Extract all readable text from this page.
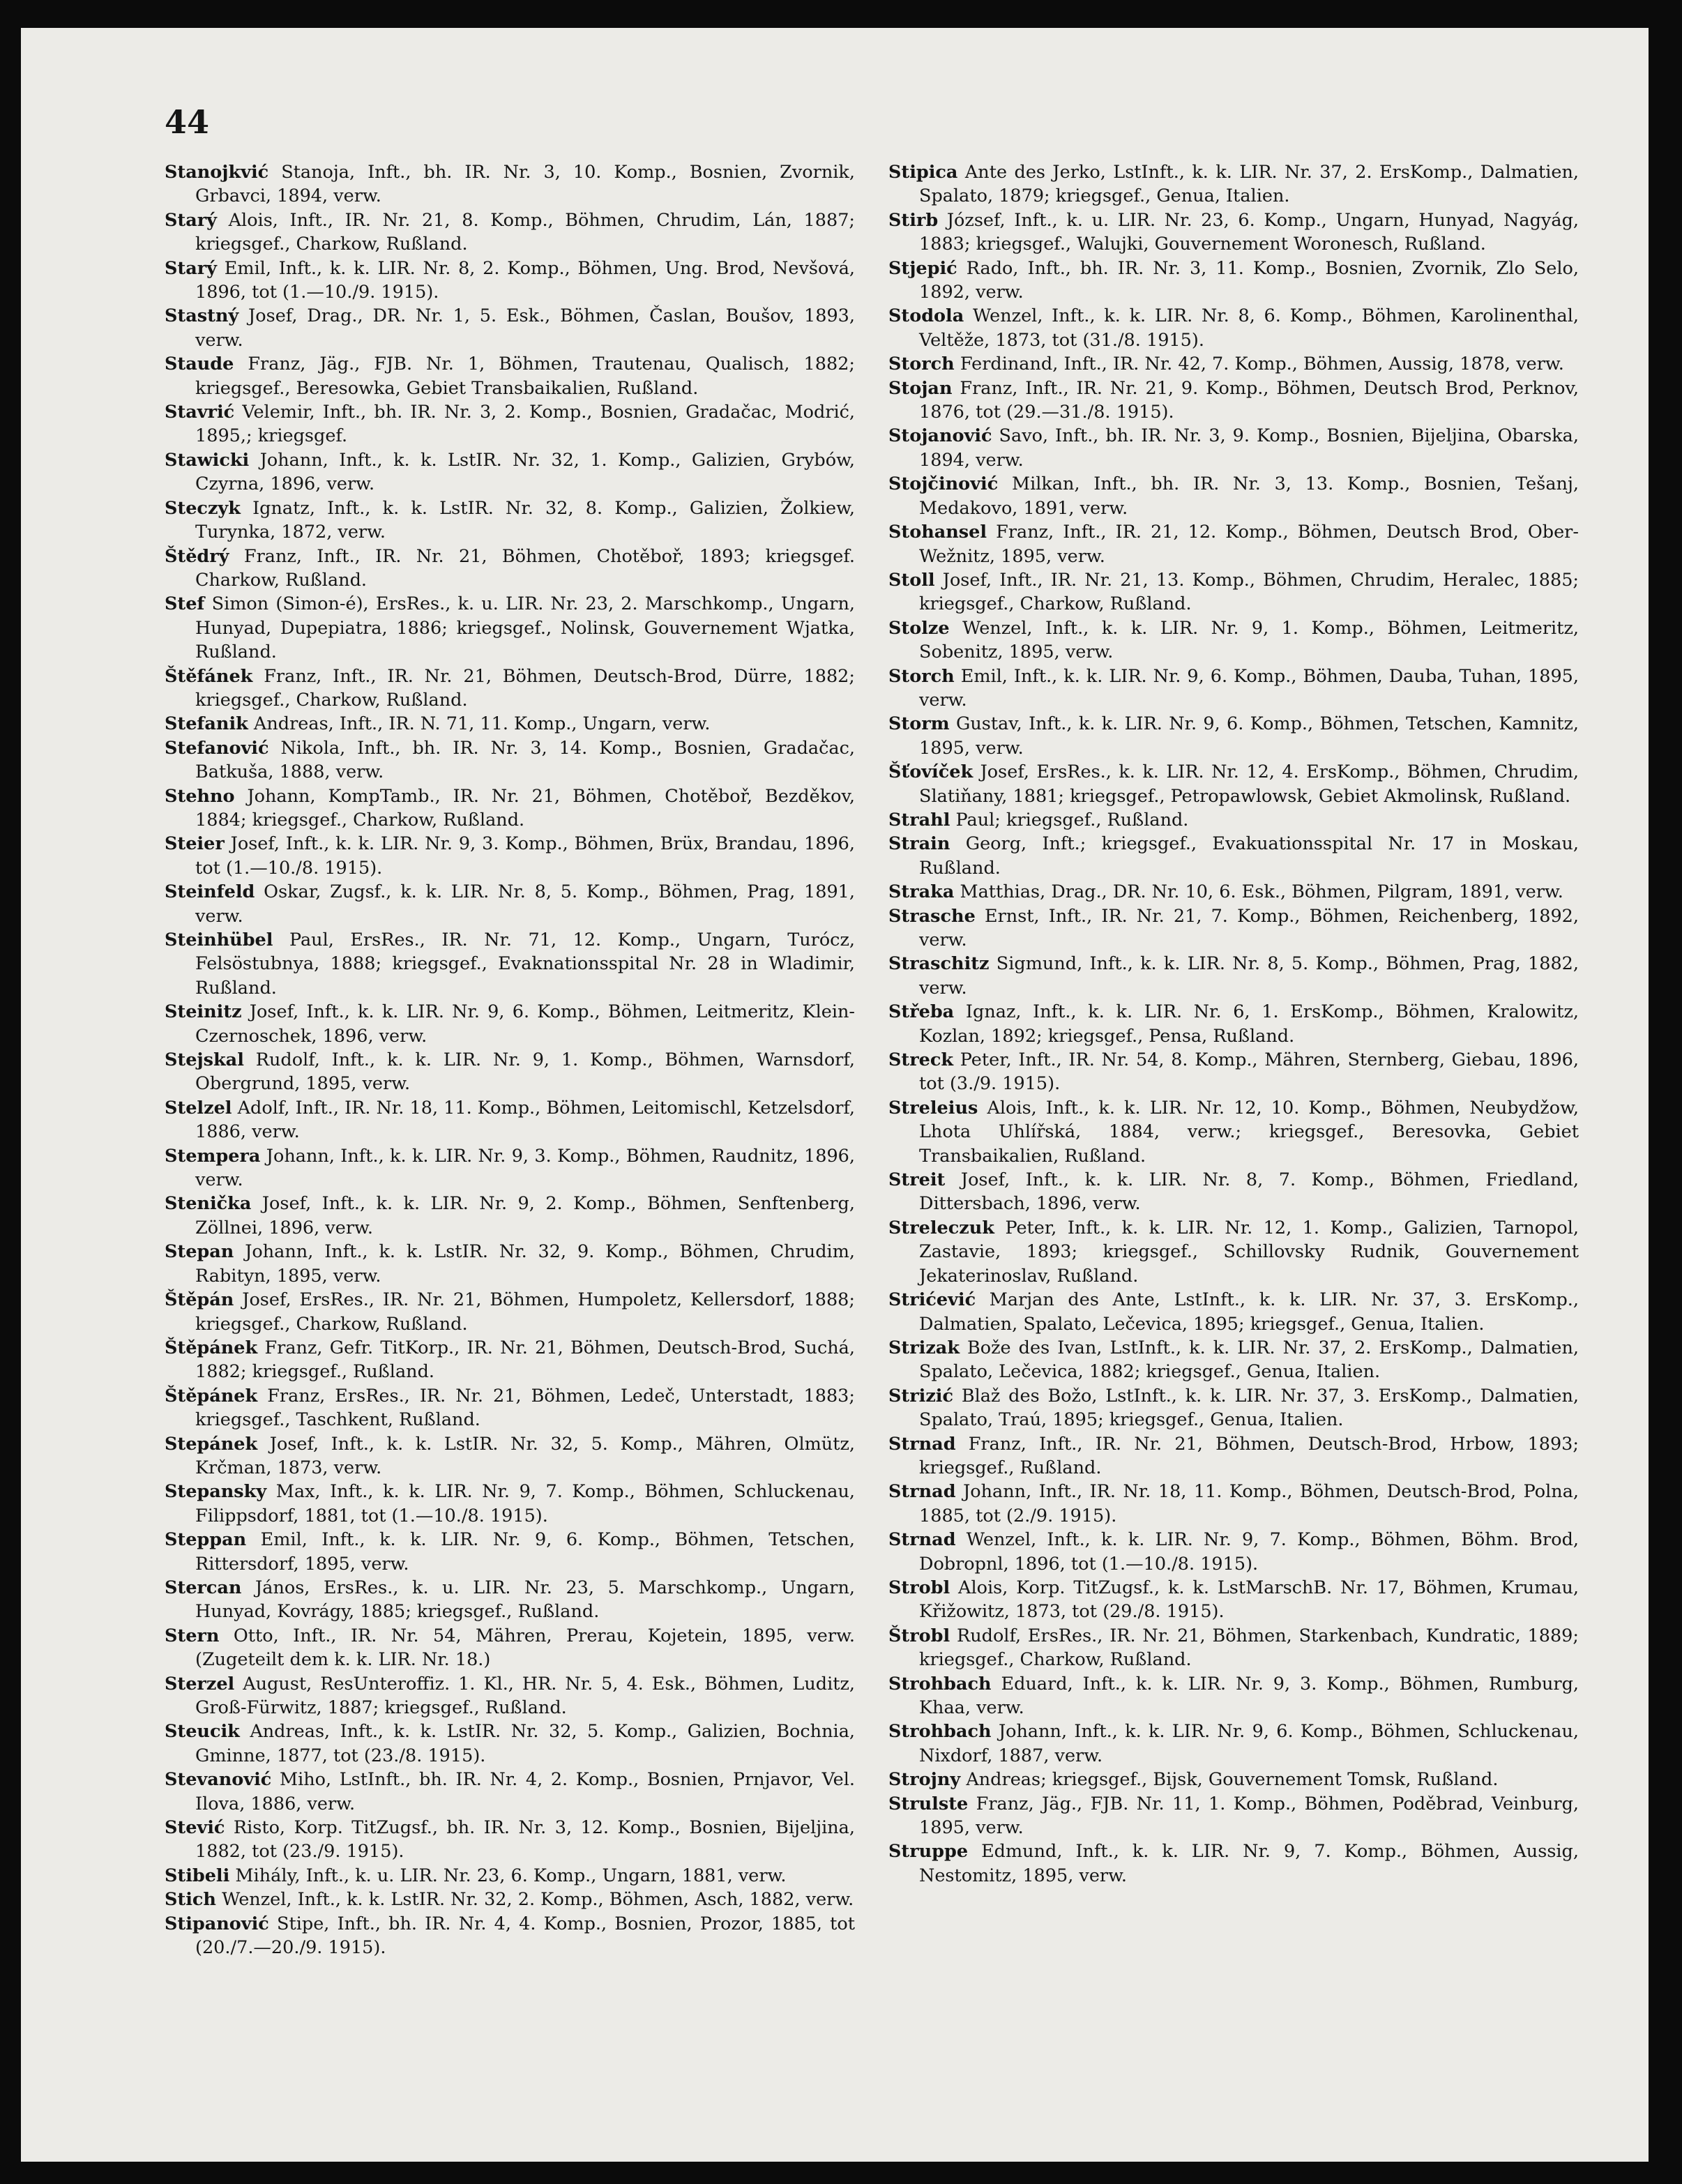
44

Stanojkvić Stanoja, Inft., bh. IR. Nr. 3, 10. Komp., Bosnien, Zvornik, Grbavci, 1894, verw.

Starý Alois, Inft., IR. Nr. 21, 8. Komp., Böhmen, Chrudim, Lán, 1887; kriegsgef., Charkow, Rußland.

Starý Emil, Inft., k. k. LIR. Nr. 8, 2. Komp., Böhmen, Ung. Brod, Nevšová, 1896, tot (1.—10./9. 1915).

Stastný Josef, Drag., DR. Nr. 1, 5. Esk., Böhmen, Časlan, Boušov, 1893, verw.

Staude Franz, Jäg., FJB. Nr. 1, Böhmen, Trautenau, Qualisch, 1882; kriegsgef., Beresowka, Gebiet Transbaikalien, Rußland.

Stavrić Velemir, Inft., bh. IR. Nr. 3, 2. Komp., Bosnien, Gradačac, Modrić, 1895,; kriegsgef.

Stawicki Johann, Inft., k. k. LstIR. Nr. 32, 1. Komp., Galizien, Grybów, Czyrna, 1896, verw.

Steczyk Ignatz, Inft., k. k. LstIR. Nr. 32, 8. Komp., Galizien, Žolkiew, Turynka, 1872, verw.

Štědrý Franz, Inft., IR. Nr. 21, Böhmen, Chotěboř, 1893; kriegsgef. Charkow, Rußland.

Stef Simon (Simon-é), ErsRes., k. u. LIR. Nr. 23, 2. Marschkomp., Ungarn, Hunyad, Dupepiatra, 1886; kriegsgef., Nolinsk, Gouvernement Wjatka, Rußland.

Štěfánek Franz, Inft., IR. Nr. 21, Böhmen, Deutsch-Brod, Dürre, 1882; kriegsgef., Charkow, Rußland.

Stefanik Andreas, Inft., IR. N. 71, 11. Komp., Ungarn, verw.

Stefanović Nikola, Inft., bh. IR. Nr. 3, 14. Komp., Bosnien, Gradačac, Batkuša, 1888, verw.

Stehno Johann, KompTamb., IR. Nr. 21, Böhmen, Chotěboř, Bezděkov, 1884; kriegsgef., Charkow, Rußland.

Steier Josef, Inft., k. k. LIR. Nr. 9, 3. Komp., Böhmen, Brüx, Brandau, 1896, tot (1.—10./8. 1915).

Steinfeld Oskar, Zugsf., k. k. LIR. Nr. 8, 5. Komp., Böhmen, Prag, 1891, verw.

Steinhübel Paul, ErsRes., IR. Nr. 71, 12. Komp., Ungarn, Turócz, Felsöstubnya, 1888; kriegsgef., Evaknationsspital Nr. 28 in Wladimir, Rußland.

Steinitz Josef, Inft., k. k. LIR. Nr. 9, 6. Komp., Böhmen, Leitmeritz, Klein-Czernoschek, 1896, verw.

Stejskal Rudolf, Inft., k. k. LIR. Nr. 9, 1. Komp., Böhmen, Warnsdorf, Obergrund, 1895, verw.

Stelzel Adolf, Inft., IR. Nr. 18, 11. Komp., Böhmen, Leitomischl, Ketzelsdorf, 1886, verw.

Stempera Johann, Inft., k. k. LIR. Nr. 9, 3. Komp., Böhmen, Raudnitz, 1896, verw.

Stenička Josef, Inft., k. k. LIR. Nr. 9, 2. Komp., Böhmen, Senftenberg, Zöllnei, 1896, verw.

Stepan Johann, Inft., k. k. LstIR. Nr. 32, 9. Komp., Böhmen, Chrudim, Rabityn, 1895, verw.

Štěpán Josef, ErsRes., IR. Nr. 21, Böhmen, Humpoletz, Kellersdorf, 1888; kriegsgef., Charkow, Rußland.

Štěpánek Franz, Gefr. TitKorp., IR. Nr. 21, Böhmen, Deutsch-Brod, Suchá, 1882; kriegsgef., Rußland.

Štěpánek Franz, ErsRes., IR. Nr. 21, Böhmen, Ledeč, Unterstadt, 1883; kriegsgef., Taschkent, Rußland.

Stepánek Josef, Inft., k. k. LstIR. Nr. 32, 5. Komp., Mähren, Olmütz, Krčman, 1873, verw.

Stepansky Max, Inft., k. k. LIR. Nr. 9, 7. Komp., Böhmen, Schluckenau, Filippsdorf, 1881, tot (1.—10./8. 1915).

Steppan Emil, Inft., k. k. LIR. Nr. 9, 6. Komp., Böhmen, Tetschen, Rittersdorf, 1895, verw.

Stercan János, ErsRes., k. u. LIR. Nr. 23, 5. Marschkomp., Ungarn, Hunyad, Kovrágy, 1885; kriegsgef., Rußland.

Stern Otto, Inft., IR. Nr. 54, Mähren, Prerau, Kojetein, 1895, verw. (Zugeteilt dem k. k. LIR. Nr. 18.)

Sterzel August, ResUnteroffiz. 1. Kl., HR. Nr. 5, 4. Esk., Böhmen, Luditz, Groß-Fürwitz, 1887; kriegsgef., Rußland.

Steucik Andreas, Inft., k. k. LstIR. Nr. 32, 5. Komp., Galizien, Bochnia, Gminne, 1877, tot (23./8. 1915).

Stevanović Miho, LstInft., bh. IR. Nr. 4, 2. Komp., Bosnien, Prnjavor, Vel. Ilova, 1886, verw.

Stević Risto, Korp. TitZugsf., bh. IR. Nr. 3, 12. Komp., Bosnien, Bijeljina, 1882, tot (23./9. 1915).

Stibeli Mihály, Inft., k. u. LIR. Nr. 23, 6. Komp., Ungarn, 1881, verw.

Stich Wenzel, Inft., k. k. LstIR. Nr. 32, 2. Komp., Böhmen, Asch, 1882, verw.

Stipanović Stipe, Inft., bh. IR. Nr. 4, 4. Komp., Bosnien, Prozor, 1885, tot (20./7.—20./9. 1915).

Stipica Ante des Jerko, LstInft., k. k. LIR. Nr. 37, 2. ErsKomp., Dalmatien, Spalato, 1879; kriegsgef., Genua, Italien.

Stirb József, Inft., k. u. LIR. Nr. 23, 6. Komp., Ungarn, Hunyad, Nagyág, 1883; kriegsgef., Walujki, Gouvernement Woronesch, Rußland.

Stjepić Rado, Inft., bh. IR. Nr. 3, 11. Komp., Bosnien, Zvornik, Zlo Selo, 1892, verw.

Stodola Wenzel, Inft., k. k. LIR. Nr. 8, 6. Komp., Böhmen, Karolinenthal, Veltěže, 1873, tot (31./8. 1915).

Storch Ferdinand, Inft., IR. Nr. 42, 7. Komp., Böhmen, Aussig, 1878, verw.

Stojan Franz, Inft., IR. Nr. 21, 9. Komp., Böhmen, Deutsch Brod, Perknov, 1876, tot (29.—31./8. 1915).

Stojanović Savo, Inft., bh. IR. Nr. 3, 9. Komp., Bosnien, Bijeljina, Obarska, 1894, verw.

Stojčinović Milkan, Inft., bh. IR. Nr. 3, 13. Komp., Bosnien, Tešanj, Medakovo, 1891, verw.

Stohansel Franz, Inft., IR. 21, 12. Komp., Böhmen, Deutsch Brod, Ober-Wežnitz, 1895, verw.

Stoll Josef, Inft., IR. Nr. 21, 13. Komp., Böhmen, Chrudim, Heralec, 1885; kriegsgef., Charkow, Rußland.

Stolze Wenzel, Inft., k. k. LIR. Nr. 9, 1. Komp., Böhmen, Leitmeritz, Sobenitz, 1895, verw.

Storch Emil, Inft., k. k. LIR. Nr. 9, 6. Komp., Böhmen, Dauba, Tuhan, 1895, verw.

Storm Gustav, Inft., k. k. LIR. Nr. 9, 6. Komp., Böhmen, Tetschen, Kamnitz, 1895, verw.

Šťovíček Josef, ErsRes., k. k. LIR. Nr. 12, 4. ErsKomp., Böhmen, Chrudim, Slatiňany, 1881; kriegsgef., Petropawlowsk, Gebiet Akmolinsk, Rußland.

Strahl Paul; kriegsgef., Rußland.

Strain Georg, Inft.; kriegsgef., Evakuationsspital Nr. 17 in Moskau, Rußland.

Straka Matthias, Drag., DR. Nr. 10, 6. Esk., Böhmen, Pilgram, 1891, verw.

Strasche Ernst, Inft., IR. Nr. 21, 7. Komp., Böhmen, Reichenberg, 1892, verw.

Straschitz Sigmund, Inft., k. k. LIR. Nr. 8, 5. Komp., Böhmen, Prag, 1882, verw.

Střeba Ignaz, Inft., k. k. LIR. Nr. 6, 1. ErsKomp., Böhmen, Kralowitz, Kozlan, 1892; kriegsgef., Pensa, Rußland.

Streck Peter, Inft., IR. Nr. 54, 8. Komp., Mähren, Sternberg, Giebau, 1896, tot (3./9. 1915).

Streleius Alois, Inft., k. k. LIR. Nr. 12, 10. Komp., Böhmen, Neubydžow, Lhota Uhlířská, 1884, verw.; kriegsgef., Beresovka, Gebiet Transbaikalien, Rußland.

Streit Josef, Inft., k. k. LIR. Nr. 8, 7. Komp., Böhmen, Friedland, Dittersbach, 1896, verw.

Streleczuk Peter, Inft., k. k. LIR. Nr. 12, 1. Komp., Galizien, Tarnopol, Zastavie, 1893; kriegsgef., Schillovsky Rudnik, Gouvernement Jekaterinoslav, Rußland.

Strićević Marjan des Ante, LstInft., k. k. LIR. Nr. 37, 3. ErsKomp., Dalmatien, Spalato, Lečevica, 1895; kriegsgef., Genua, Italien.

Strizak Bože des Ivan, LstInft., k. k. LIR. Nr. 37, 2. ErsKomp., Dalmatien, Spalato, Lečevica, 1882; kriegsgef., Genua, Italien.

Strizić Blaž des Božo, LstInft., k. k. LIR. Nr. 37, 3. ErsKomp., Dalmatien, Spalato, Traú, 1895; kriegsgef., Genua, Italien.

Strnad Franz, Inft., IR. Nr. 21, Böhmen, Deutsch-Brod, Hrbow, 1893; kriegsgef., Rußland.

Strnad Johann, Inft., IR. Nr. 18, 11. Komp., Böhmen, Deutsch-Brod, Polna, 1885, tot (2./9. 1915).

Strnad Wenzel, Inft., k. k. LIR. Nr. 9, 7. Komp., Böhmen, Böhm. Brod, Dobropnl, 1896, tot (1.—10./8. 1915).

Strobl Alois, Korp. TitZugsf., k. k. LstMarschB. Nr. 17, Böhmen, Krumau, Křižowitz, 1873, tot (29./8. 1915).

Štrobl Rudolf, ErsRes., IR. Nr. 21, Böhmen, Starkenbach, Kundratic, 1889; kriegsgef., Charkow, Rußland.

Strohbach Eduard, Inft., k. k. LIR. Nr. 9, 3. Komp., Böhmen, Rumburg, Khaa, verw.

Strohbach Johann, Inft., k. k. LIR. Nr. 9, 6. Komp., Böhmen, Schluckenau, Nixdorf, 1887, verw.

Strojny Andreas; kriegsgef., Bijsk, Gouvernement Tomsk, Rußland.

Strulste Franz, Jäg., FJB. Nr. 11, 1. Komp., Böhmen, Poděbrad, Veinburg, 1895, verw.

Struppe Edmund, Inft., k. k. LIR. Nr. 9, 7. Komp., Böhmen, Aussig, Nestomitz, 1895, verw.
